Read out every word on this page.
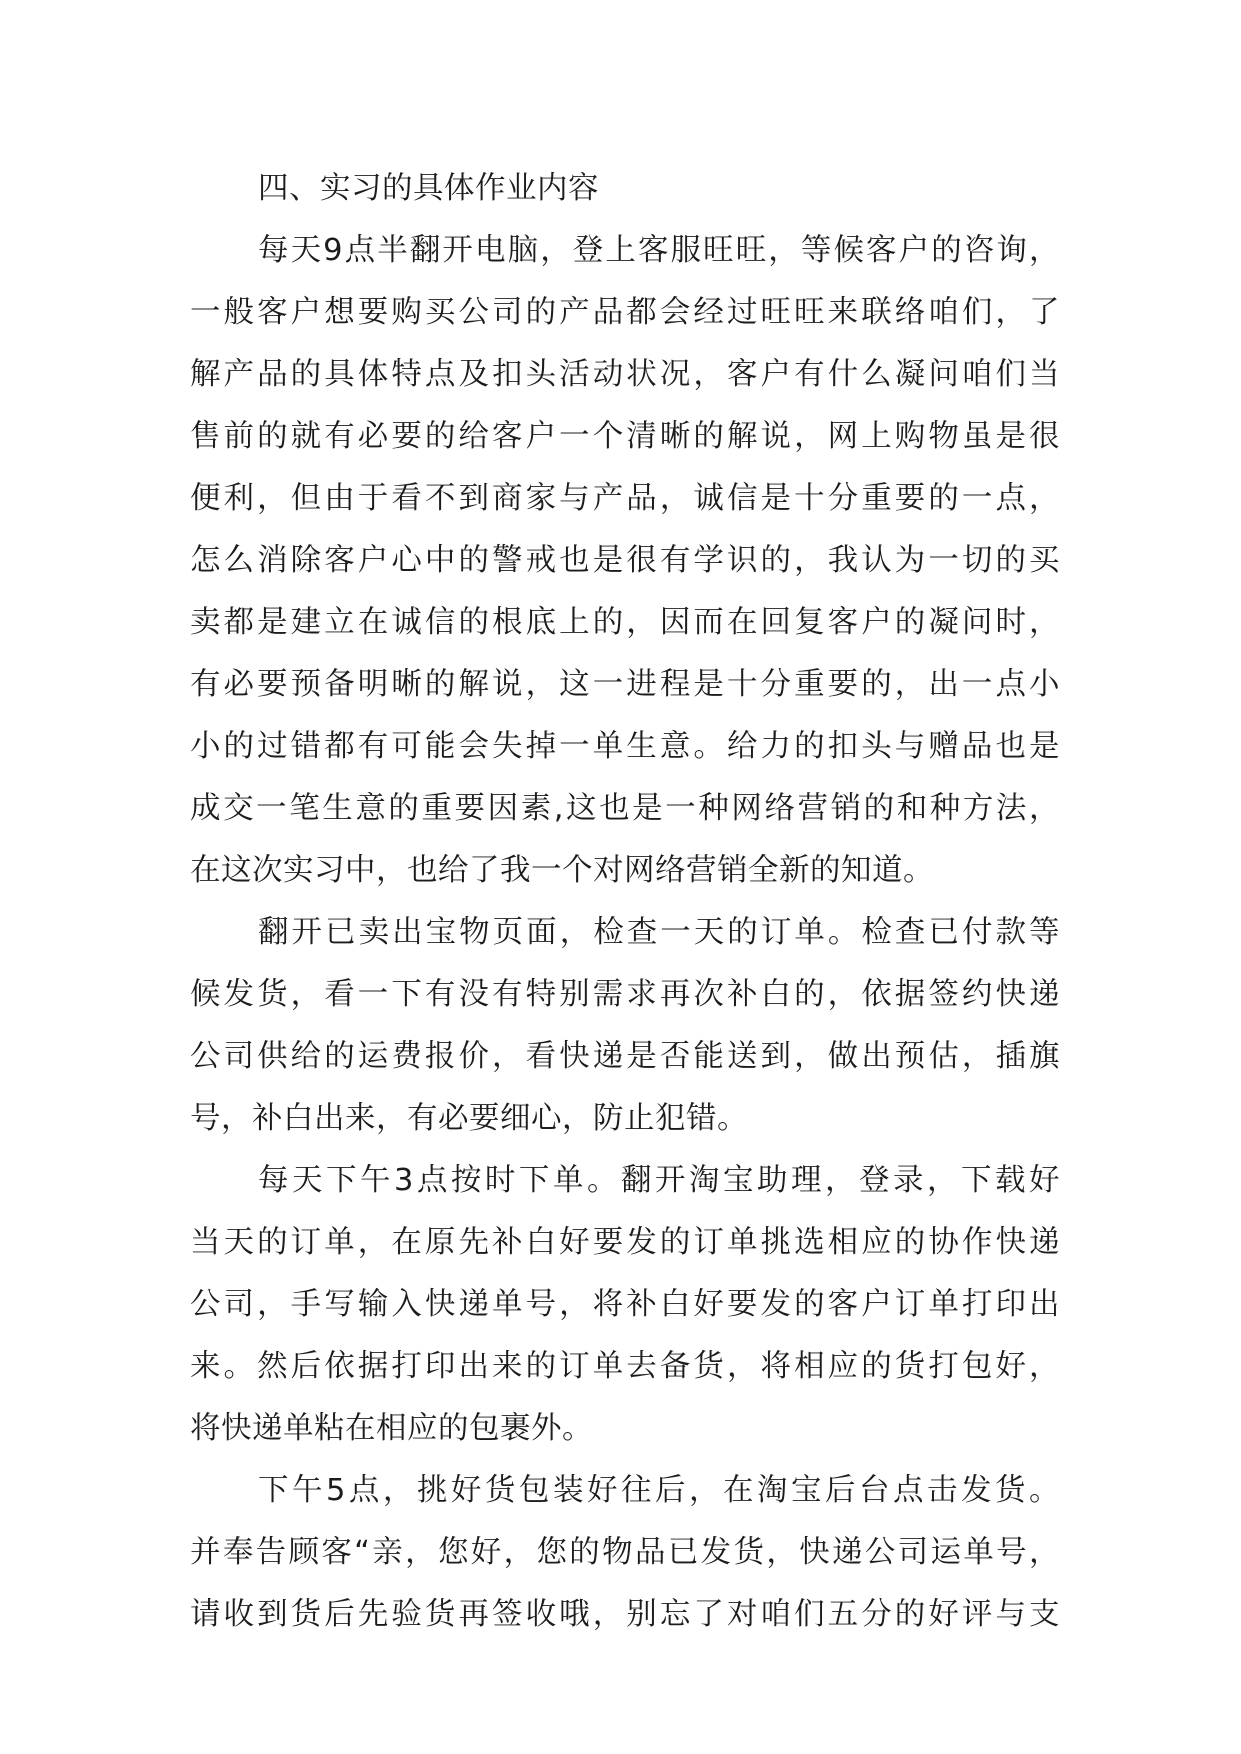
四、实习的具体作业内容
每天9点半翻开电脑，登上客服旺旺，等候客户的咨询，
一般客户想要购买公司的产品都会经过旺旺来联络咱们，了
解产品的具体特点及扣头活动状况，客户有什么凝问咱们当
售前的就有必要的给客户一个清晰的解说，网上购物虽是很
便利，但由于看不到商家与产品，诚信是十分重要的一点，
怎么消除客户心中的警戒也是很有学识的，我认为一切的买
卖都是建立在诚信的根底上的，因而在回复客户的凝问时，
有必要预备明晰的解说，这一进程是十分重要的，出一点小
小的过错都有可能会失掉一单生意。给力的扣头与赠品也是
成交一笔生意的重要因素,这也是一种网络营销的和种方法，
在这次实习中，也给了我一个对网络营销全新的知道。
翻开已卖出宝物页面，检查一天的订单。检查已付款等
候发货，看一下有没有特别需求再次补白的，依据签约快递
公司供给的运费报价，看快递是否能送到，做出预估，插旗
号，补白出来，有必要细心，防止犯错。
每天下午3点按时下单。翻开淘宝助理，登录，下载好
当天的订单，在原先补白好要发的订单挑选相应的协作快递
公司，手写输入快递单号，将补白好要发的客户订单打印出
来。然后依据打印出来的订单去备货，将相应的货打包好，
将快递单粘在相应的包裹外。
下午5点，挑好货包装好往后，在淘宝后台点击发货。
并奉告顾客“亲，您好，您的物品已发货，快递公司运单号，
请收到货后先验货再签收哦，别忘了对咱们五分的好评与支
